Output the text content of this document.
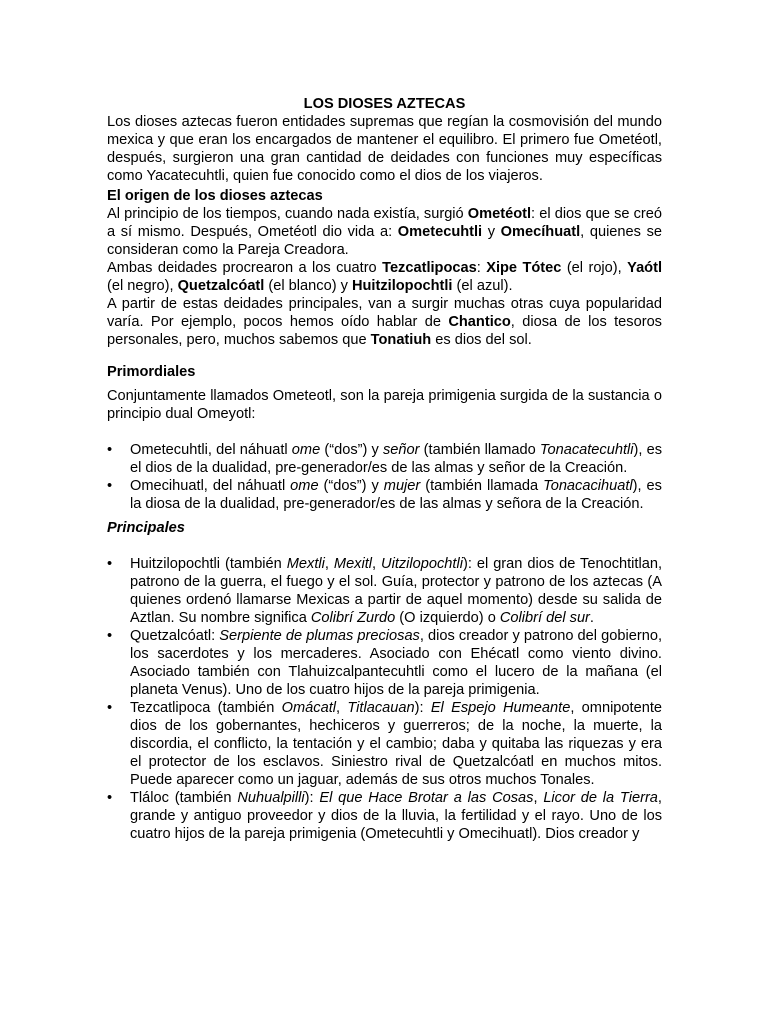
LOS DIOSES AZTECAS

Los dioses aztecas fueron entidades supremas que regían la cosmovisión del mundo mexica y que eran los encargados de mantener el equilibro. El primero fue Ometéotl, después, surgieron una gran cantidad de deidades con funciones muy específicas como Yacatecuhtli, quien fue conocido como el dios de los viajeros.

El origen de los dioses aztecas

Al principio de los tiempos, cuando nada existía, surgió Ometéotl: el dios que se creó a sí mismo. Después, Ometéotl dio vida a: Ometecuhtli y Omecíhuatl, quienes se consideran como la Pareja Creadora.

Ambas deidades procrearon a los cuatro Tezcatlipocas: Xipe Tótec (el rojo), Yaótl (el negro), Quetzalcóatl (el blanco) y Huitzilopochtli (el azul).

A partir de estas deidades principales, van a surgir muchas otras cuya popularidad varía. Por ejemplo, pocos hemos oído hablar de Chantico, diosa de los tesoros personales, pero, muchos sabemos que Tonatiuh es dios del sol.

Primordiales

Conjuntamente llamados Ometeotl, son la pareja primigenia surgida de la sustancia o principio dual Omeyotl:

• Ometecuhtli, del náhuatl ome (“dos”) y señor (también llamado Tonacatecuhtli), es el dios de la dualidad, pre-generador/es de las almas y señor de la Creación.
• Omecihuatl, del náhuatl ome (“dos”) y mujer (también llamada Tonacacihuatl), es la diosa de la dualidad, pre-generador/es de las almas y señora de la Creación.
Principales
• Huitzilopochtli (también Mextli, Mexitl, Uitzilopochtli): el gran dios de Tenochtitlan, patrono de la guerra, el fuego y el sol. Guía, protector y patrono de los aztecas (A quienes ordenó llamarse Mexicas a partir de aquel momento) desde su salida de Aztlan. Su nombre significa Colibrí Zurdo (O izquierdo) o Colibrí del sur.
• Quetzalcóatl: Serpiente de plumas preciosas, dios creador y patrono del gobierno, los sacerdotes y los mercaderes. Asociado con Ehécatl como viento divino. Asociado también con Tlahuizcalpantecuhtli como el lucero de la mañana (el planeta Venus). Uno de los cuatro hijos de la pareja primigenia.
• Tezcatlipoca (también Omácatl, Titlacauan): El Espejo Humeante, omnipotente dios de los gobernantes, hechiceros y guerreros; de la noche, la muerte, la discordia, el conflicto, la tentación y el cambio; daba y quitaba las riquezas y era el protector de los esclavos. Siniestro rival de Quetzalcóatl en muchos mitos. Puede aparecer como un jaguar, además de sus otros muchos Tonales.
• Tláloc (también Nuhualpilli): El que Hace Brotar a las Cosas, Licor de la Tierra, grande y antiguo proveedor y dios de la lluvia, la fertilidad y el rayo. Uno de los cuatro hijos de la pareja primigenia (Ometecuhtli y Omecihuatl). Dios creador y
